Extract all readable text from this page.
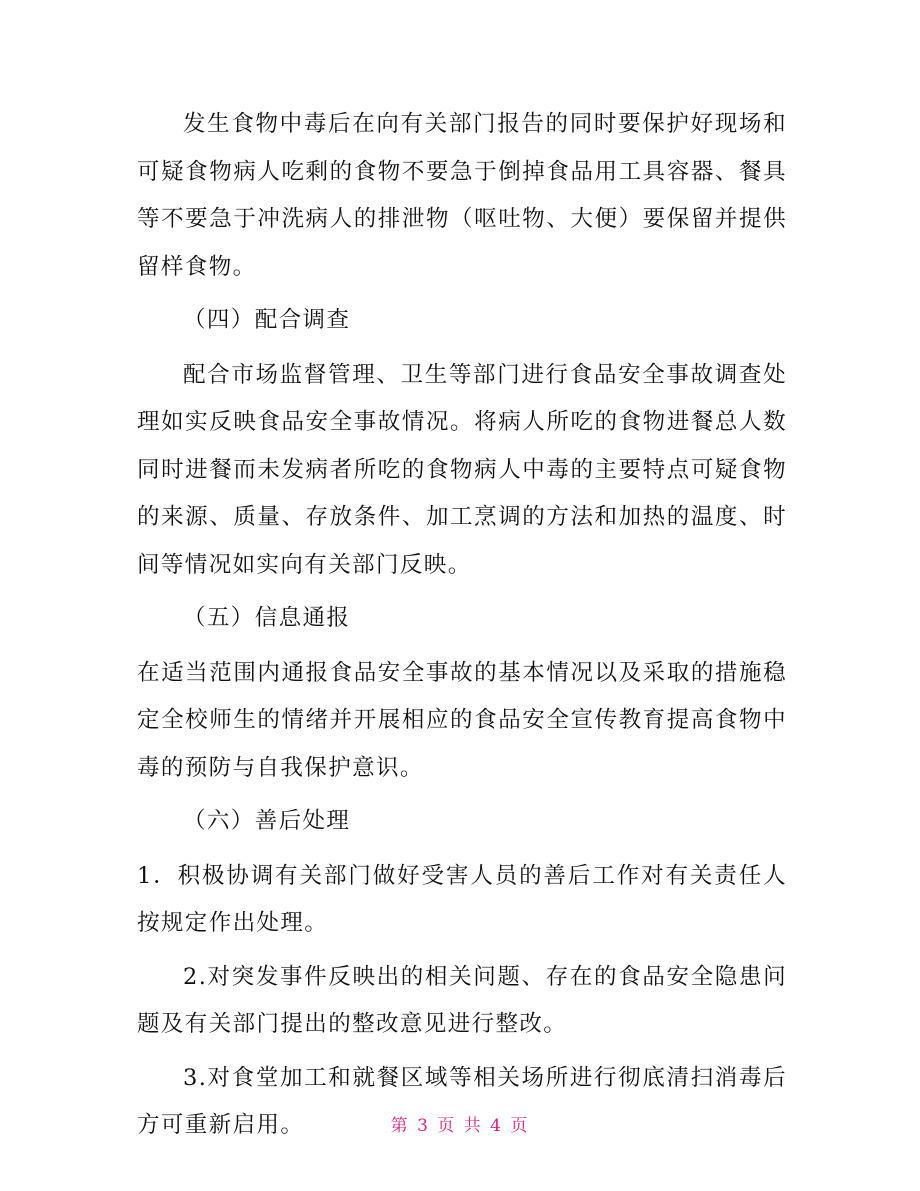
发生食物中毒后在向有关部门报告的同时要保护好现场和可疑食物病人吃剩的食物不要急于倒掉食品用工具容器、餐具等不要急于冲洗病人的排泄物（呕吐物、大便）要保留并提供留样食物。

（四）配合调查

配合市场监督管理、卫生等部门进行食品安全事故调查处理如实反映食品安全事故情况。将病人所吃的食物进餐总人数同时进餐而未发病者所吃的食物病人中毒的主要特点可疑食物的来源、质量、存放条件、加工烹调的方法和加热的温度、时间等情况如实向有关部门反映。

（五）信息通报

在适当范围内通报食品安全事故的基本情况以及采取的措施稳定全校师生的情绪并开展相应的食品安全宣传教育提高食物中毒的预防与自我保护意识。

（六）善后处理

1．积极协调有关部门做好受害人员的善后工作对有关责任人按规定作出处理。

2.对突发事件反映出的相关问题、存在的食品安全隐患问题及有关部门提出的整改意见进行整改。

3.对食堂加工和就餐区域等相关场所进行彻底清扫消毒后方可重新启用。	第 3 页 共 4 页
